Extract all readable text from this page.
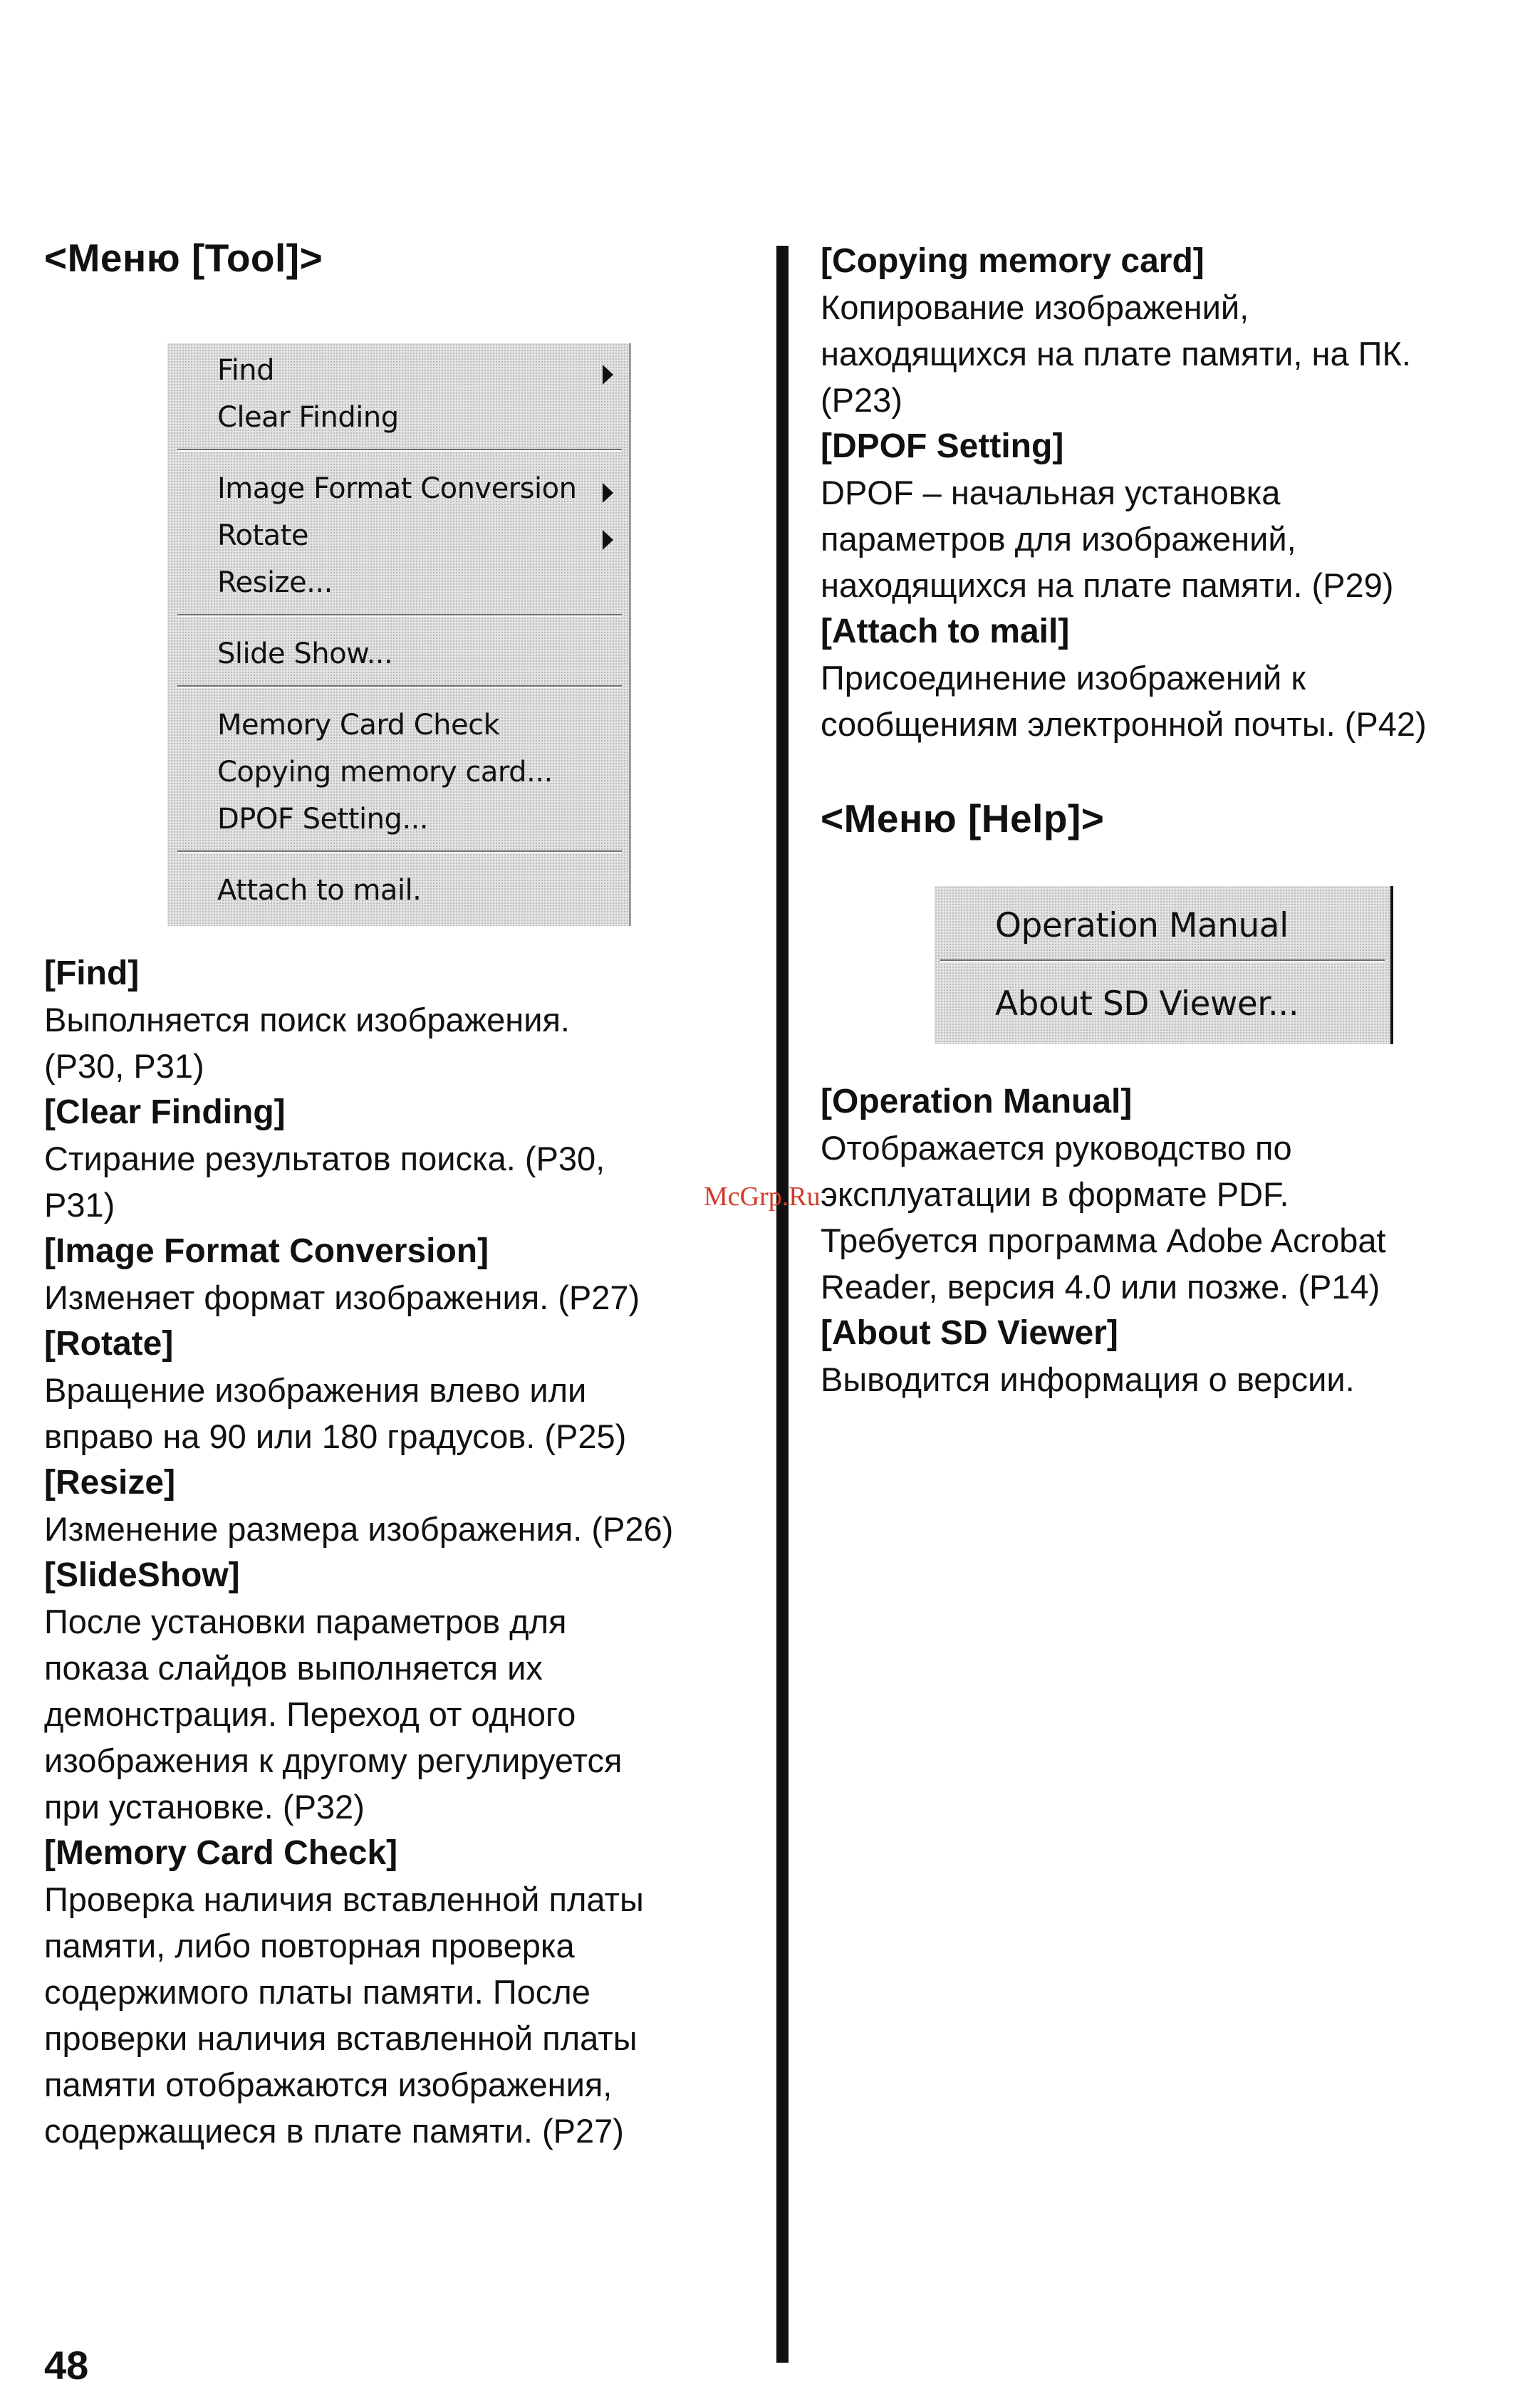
<Меню [Tool]>
Find
Clear Finding
Image Format Conversion
Rotate
Resize...
Slide Show...
Memory Card Check
Copying memory card...
DPOF Setting...
Attach to mail.
[Find]
Выполняется поиск изображения.
(P30, P31)
[Clear Finding]
Стирание результатов поиска. (P30,
P31)
[Image Format Conversion]
Изменяет формат изображения. (P27)
[Rotate]
Вращение изображения влево или
вправо на 90 или 180 градусов. (P25)
[Resize]
Изменение размера изображения. (P26)
[SlideShow]
После установки параметров для
показа слайдов выполняется их
демонстрация. Переход от одного
изображения к другому регулируется
при установке. (P32)
[Memory Card Check]
Проверка наличия вставленной платы
памяти, либо повторная проверка
содержимого платы памяти. После
проверки наличия вставленной платы
памяти отображаются изображения,
содержащиеся в плате памяти. (P27)
[Copying memory card]
Копирование изображений,
находящихся на плате памяти, на ПК.
(P23)
[DPOF Setting]
DPOF – начальная установка
параметров для изображений,
находящихся на плате памяти. (P29)
[Attach to mail]
Присоединение изображений к
сообщениям электронной почты. (P42)
<Меню [Help]>
[Operation Manual]
Отображается руководство по
эксплуатации в формате PDF.
Требуется программа Adobe Acrobat
Reader, версия 4.0 или позже. (P14)
[About SD Viewer]
Выводится информация о версии.
Operation Manual
About SD Viewer...
McGrp.Ru
48
